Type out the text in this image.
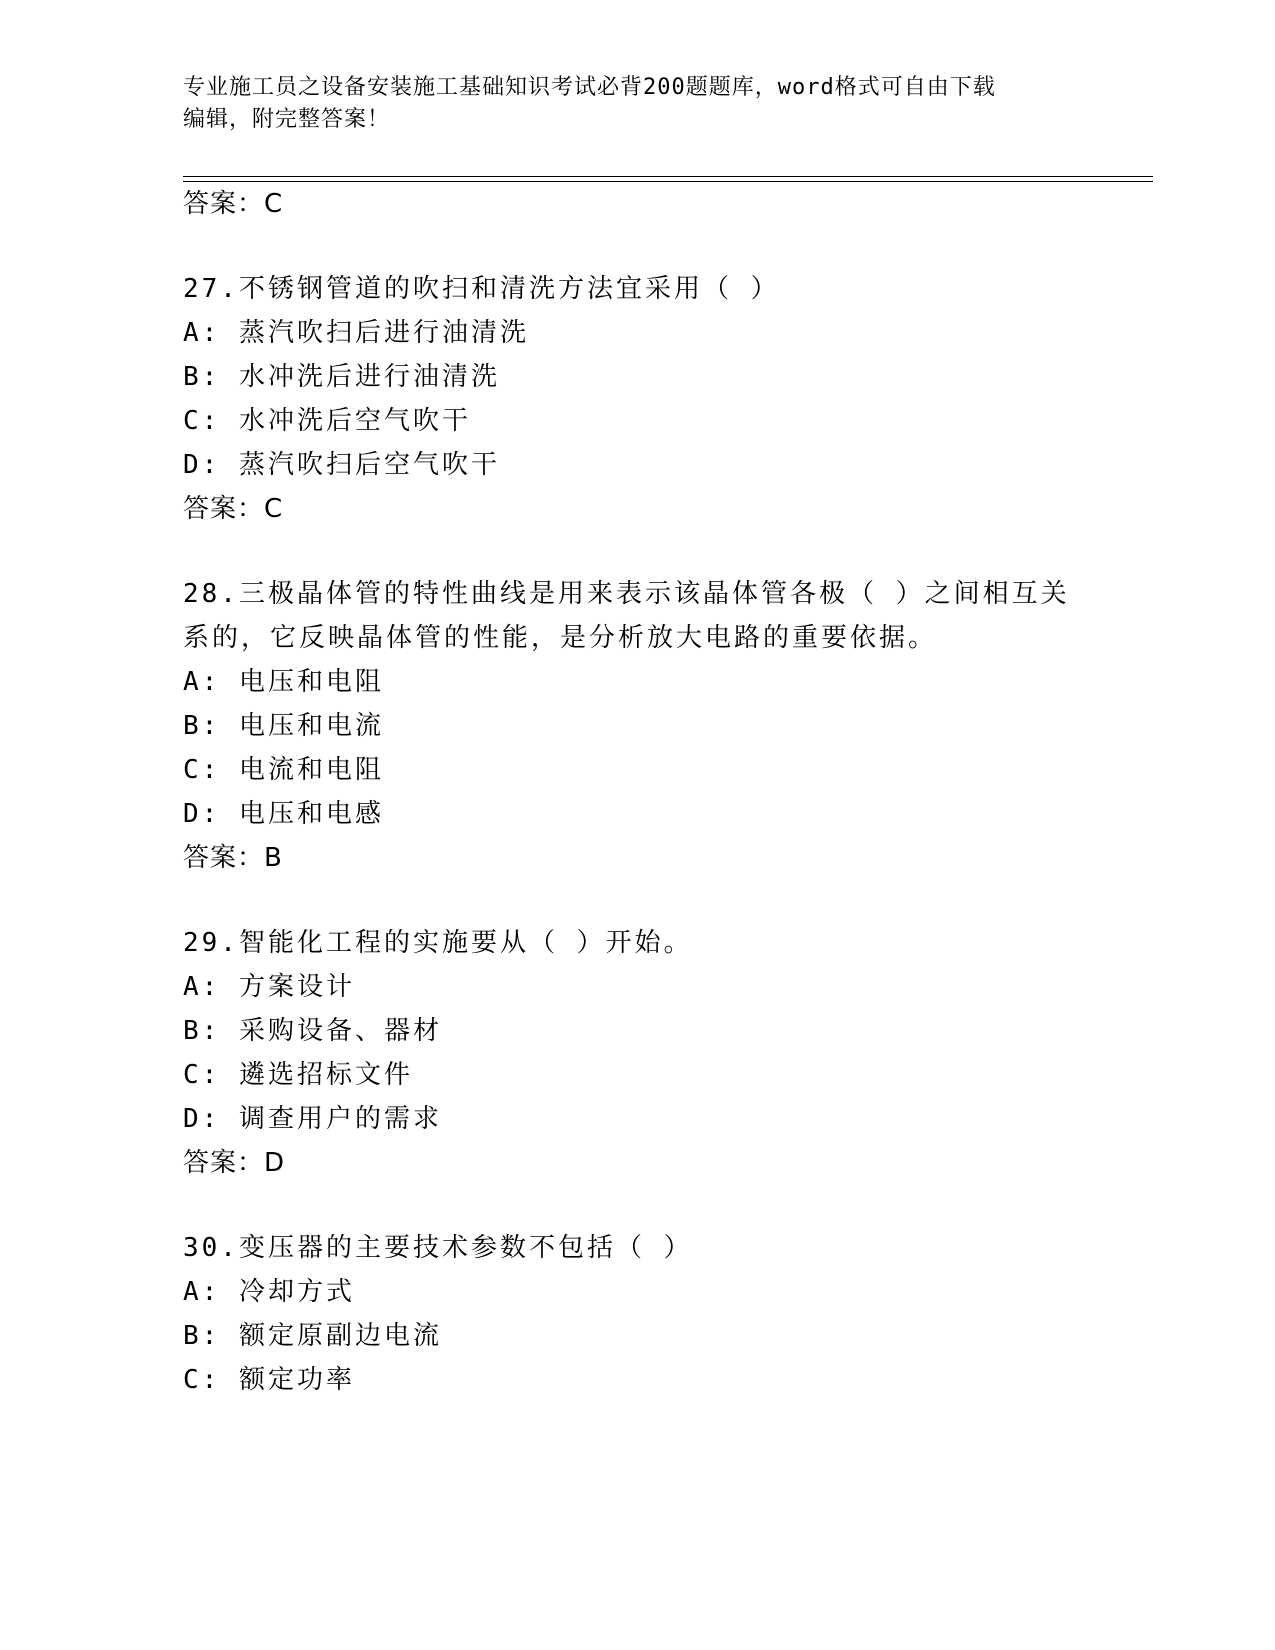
专业施工员之设备安装施工基础知识考试必背200题题库，word格式可自由下载
编辑，附完整答案！
答案：C
27.不锈钢管道的吹扫和清洗方法宜采用（ ）
A: 蒸汽吹扫后进行油清洗
B: 水冲洗后进行油清洗
C: 水冲洗后空气吹干
D: 蒸汽吹扫后空气吹干
答案：C
28.三极晶体管的特性曲线是用来表示该晶体管各极（ ）之间相互关
系的，它反映晶体管的性能，是分析放大电路的重要依据。
A: 电压和电阻
B: 电压和电流
C: 电流和电阻
D: 电压和电感
答案：B
29.智能化工程的实施要从（ ）开始。
A: 方案设计
B: 采购设备、器材
C: 遴选招标文件
D: 调查用户的需求
答案：D
30.变压器的主要技术参数不包括（ ）
A: 冷却方式
B: 额定原副边电流
C: 额定功率
